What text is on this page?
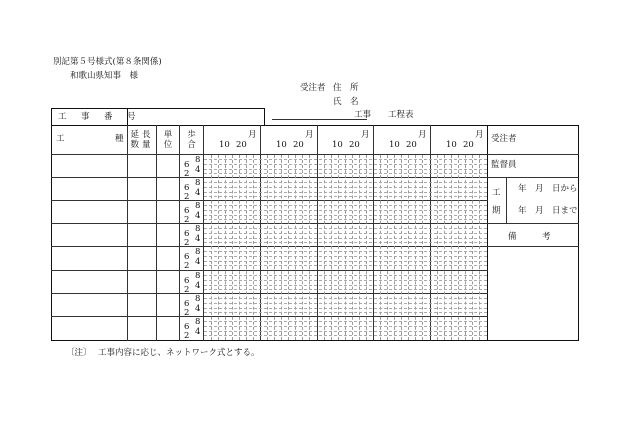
別記第５号様式(第８条関係)
和歌山県知事　様
受注者 住　所
氏　名
工事 工程表
工　事　番　号
工	種 延長
数量
単
位
歩
合
月
10 20
月
10 20
月
10 20
月
10 20
月
10 20
8
6 4
2
8
6 4
2
8
6 4
2
8
6 4
2
8
6 4
2
8
6 4
2
8
6 4
2
8
6 4
2
受注者
監督員
工
期
年　月　日から
年　月　日まで
備　　　考
〔注〕 工事内容に応じ、ネットワーク式とする。
